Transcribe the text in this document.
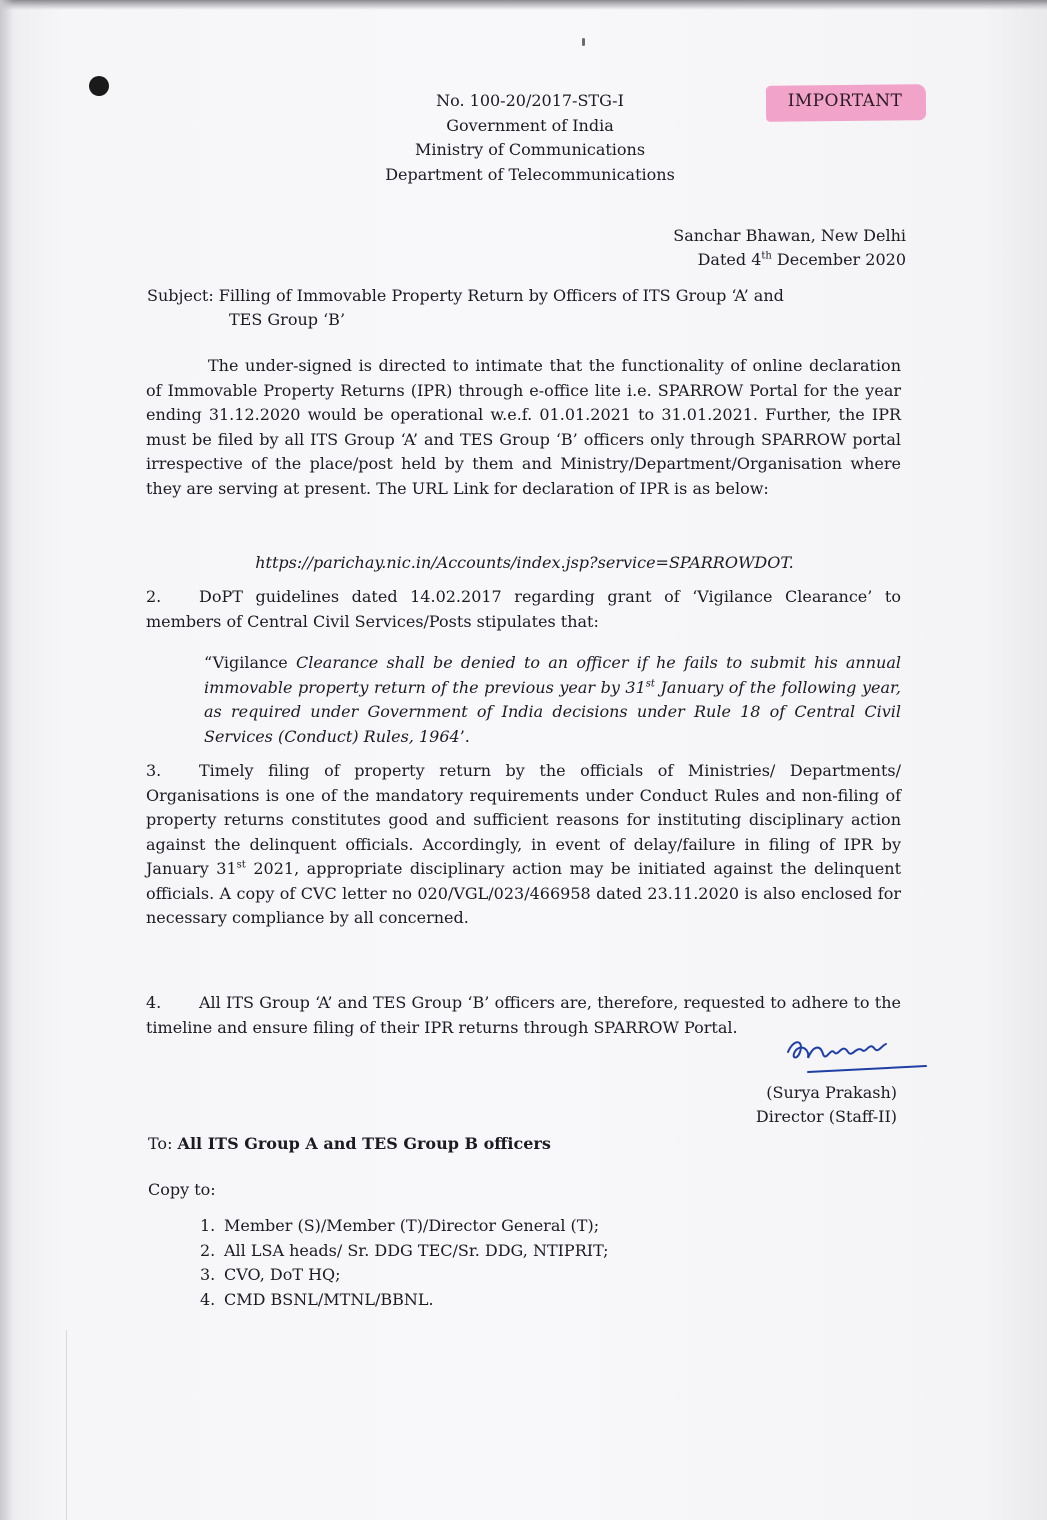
No. 100-20/2017-STG-I
Government of India
Ministry of Communications
Department of Telecommunications
IMPORTANT
Sanchar Bhawan, New Delhi
Dated 4th December 2020
Subject: Filling of Immovable Property Return by Officers of ITS Group ‘A’ and
TES Group ‘B’
The under-signed is directed to intimate that the functionality of online declaration of Immovable Property Returns (IPR) through e-office lite i.e. SPARROW Portal for the year ending 31.12.2020 would be operational w.e.f. 01.01.2021 to 31.01.2021. Further, the IPR must be filed by all ITS Group ‘A’ and TES Group ‘B’ officers only through SPARROW portal irrespective of the place/post held by them and Ministry/Department/Organisation where they are serving at present. The URL Link for declaration of IPR is as below:
https://parichay.nic.in/Accounts/index.jsp?service=SPARROWDOT.
2. DoPT guidelines dated 14.02.2017 regarding grant of ‘Vigilance Clearance’ to members of Central Civil Services/Posts stipulates that:
“Vigilance Clearance shall be denied to an officer if he fails to submit his annual immovable property return of the previous year by 31st January of the following year, as required under Government of India decisions under Rule 18 of Central Civil Services (Conduct) Rules, 1964’.
3. Timely filing of property return by the officials of Ministries/ Departments/ Organisations is one of the mandatory requirements under Conduct Rules and non-filing of property returns constitutes good and sufficient reasons for instituting disciplinary action against the delinquent officials. Accordingly, in event of delay/failure in filing of IPR by January 31st 2021, appropriate disciplinary action may be initiated against the delinquent officials. A copy of CVC letter no 020/VGL/023/466958 dated 23.11.2020 is also enclosed for necessary compliance by all concerned.
4. All ITS Group ‘A’ and TES Group ‘B’ officers are, therefore, requested to adhere to the timeline and ensure filing of their IPR returns through SPARROW Portal.
(Surya Prakash)
Director (Staff-II)
To: All ITS Group A and TES Group B officers
Copy to:
1. Member (S)/Member (T)/Director General (T);
2. All LSA heads/ Sr. DDG TEC/Sr. DDG, NTIPRIT;
3. CVO, DoT HQ;
4. CMD BSNL/MTNL/BBNL.
